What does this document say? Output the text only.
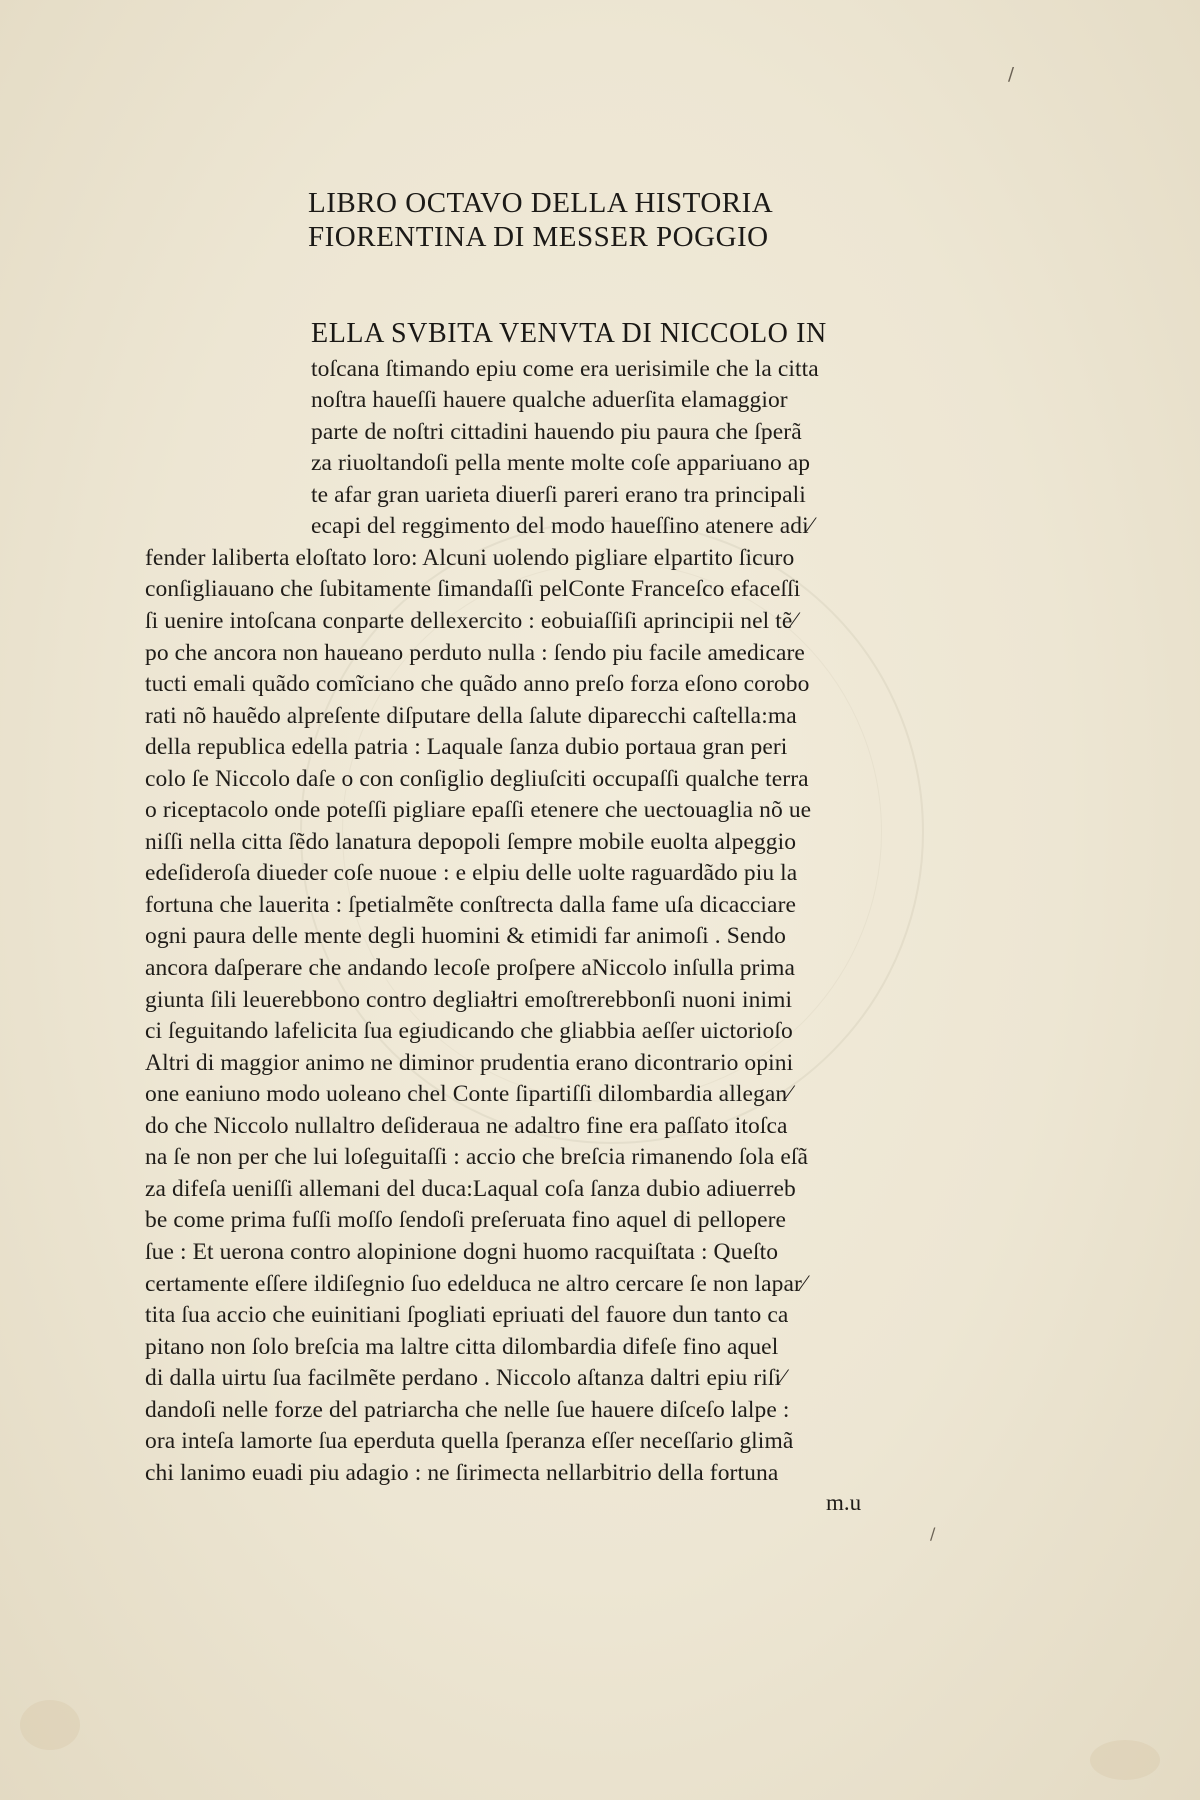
/
/
LIBRO OCTAVO DELLA HISTORIA
FIORENTINA DI MESSER POGGIO

ELLA SVBITA VENVTA DI NICCOLO IN

toſcana ſtimando epiu come era uerisimile che la citta

noſtra haueſſi hauere qualche aduerſita elamaggior

parte de noſtri cittadini hauendo piu paura che ſperã

za riuoltandoſi pella mente molte coſe appariuano ap

te afar gran uarieta diuerſi pareri erano tra principali

ecapi del reggimento del modo haueſſino atenere adi⁄

fender laliberta eloſtato loro: Alcuni uolendo pigliare elpartito ſicuro

conſigliauano che ſubitamente ſimandaſſi pelConte Franceſco efaceſſi

ſi uenire intoſcana conparte dellexercito : eobuiaſſiſi aprincipii nel tẽ⁄

po che ancora non haueano perduto nulla : ſendo piu facile amedicare

tucti emali quãdo comĩciano che quãdo anno preſo forza eſono corobo

rati nõ hauẽdo alpreſente diſputare della ſalute diparecchi caſtella:ma

della republica edella patria : Laquale ſanza dubio portaua gran peri

colo ſe Niccolo daſe o con conſiglio degliuſciti occupaſſi qualche terra

o riceptacolo onde poteſſi pigliare epaſſi etenere che uectouaglia nõ ue

niſſi nella citta ſẽdo lanatura depopoli ſempre mobile euolta alpeggio

edeſideroſa diueder coſe nuoue : e elpiu delle uolte raguardãdo piu la

fortuna che lauerita : ſpetialmẽte conſtrecta dalla fame uſa dicacciare

ogni paura delle mente degli huomini & etimidi far animoſi . Sendo

ancora daſperare che andando lecoſe proſpere aNiccolo inſulla prima

giunta ſili leuerebbono contro degliałtri emoſtrerebbonſi nuoni inimi

ci ſeguitando lafelicita ſua egiudicando che gliabbia aeſſer uictorioſo

Altri di maggior animo ne diminor prudentia erano dicontrario opini

one eaniuno modo uoleano chel Conte ſipartiſſi dilombardia allegan⁄

do che Niccolo nullaltro deſideraua ne adaltro fine era paſſato itoſca

na ſe non per che lui loſeguitaſſi : accio che breſcia rimanendo ſola eſã

za difeſa ueniſſi allemani del duca:Laqual coſa ſanza dubio adiuerreb

be come prima fuſſi moſſo ſendoſi preſeruata fino aquel di pellopere

ſue : Et uerona contro alopinione dogni huomo racquiſtata : Queſto

certamente eſſere ildiſegnio ſuo edelduca ne altro cercare ſe non lapar⁄

tita ſua accio che euinitiani ſpogliati epriuati del fauore dun tanto ca

pitano non ſolo breſcia ma laltre citta dilombardia difeſe fino aquel

di dalla uirtu ſua facilmẽte perdano . Niccolo aſtanza daltri epiu riſi⁄

dandoſi nelle forze del patriarcha che nelle ſue hauere diſceſo lalpe :

ora inteſa lamorte ſua eperduta quella ſperanza eſſer neceſſario glimã

chi lanimo euadi piu adagio : ne ſirimecta nellarbitrio della fortuna

m.u
